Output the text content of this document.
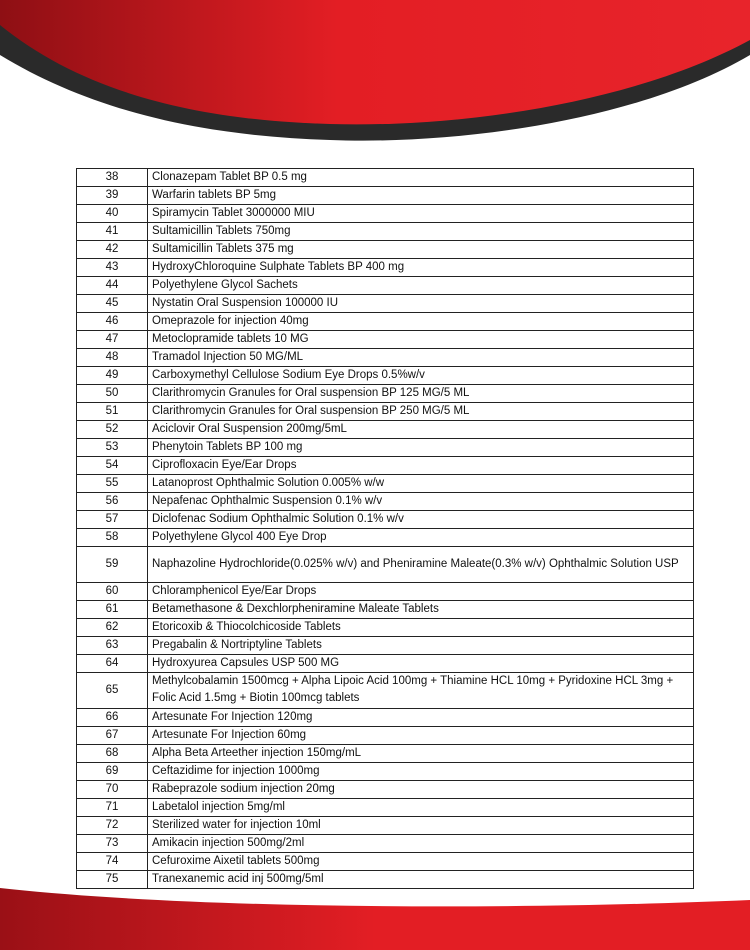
38	Clonazepam Tablet BP 0.5 mg
39	Warfarin tablets BP 5mg
40	Spiramycin Tablet 3000000 MIU
41	Sultamicillin Tablets 750mg
42	Sultamicillin Tablets 375 mg
43	HydroxyChloroquine Sulphate Tablets BP 400 mg
44	Polyethylene Glycol Sachets
45	Nystatin Oral Suspension 100000 IU
46	Omeprazole for injection 40mg
47	Metoclopramide tablets 10 MG
48	Tramadol Injection 50 MG/ML
49	Carboxymethyl Cellulose Sodium Eye Drops 0.5%w/v
50	Clarithromycin Granules for Oral suspension BP 125 MG/5 ML
51	Clarithromycin Granules for Oral suspension BP 250 MG/5 ML
52	Aciclovir Oral Suspension 200mg/5mL
53	Phenytoin Tablets BP 100 mg
54	Ciprofloxacin Eye/Ear Drops
55	Latanoprost Ophthalmic Solution 0.005% w/w
56	Nepafenac Ophthalmic Suspension 0.1% w/v
57	Diclofenac Sodium Ophthalmic Solution 0.1% w/v
58	Polyethylene Glycol 400 Eye Drop
59	Naphazoline Hydrochloride(0.025% w/v) and Pheniramine Maleate(0.3% w/v) Ophthalmic Solution USP
60	Chloramphenicol Eye/Ear Drops
61	Betamethasone & Dexchlorpheniramine Maleate Tablets
62	Etoricoxib & Thiocolchicoside Tablets
63	Pregabalin & Nortriptyline Tablets
64	Hydroxyurea Capsules USP 500 MG
65	Methylcobalamin 1500mcg + Alpha Lipoic Acid 100mg + Thiamine HCL 10mg + Pyridoxine HCL 3mg + Folic Acid 1.5mg + Biotin 100mcg tablets
66	Artesunate For Injection 120mg
67	Artesunate For Injection 60mg
68	Alpha Beta Arteether injection 150mg/mL
69	Ceftazidime for injection 1000mg
70	Rabeprazole sodium injection 20mg
71	Labetalol injection 5mg/ml
72	Sterilized water for injection 10ml
73	Amikacin injection 500mg/2ml
74	Cefuroxime Aixetil tablets 500mg
75	Tranexanemic acid inj 500mg/5ml
